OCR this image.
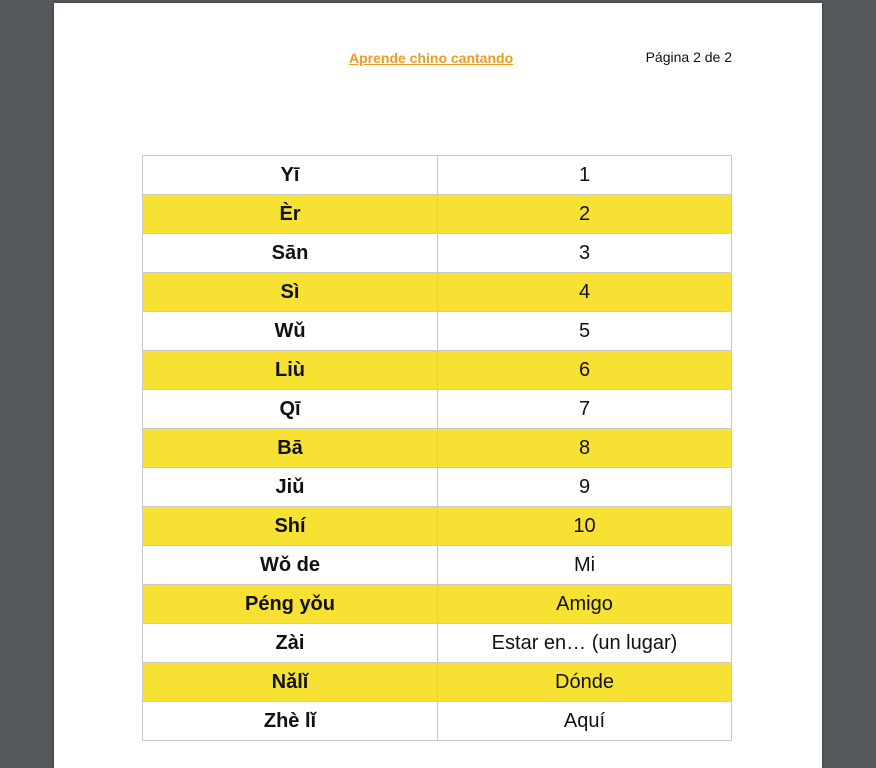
Aprende chino cantando	Página 2 de 2
Yī	1
Èr	2
Sān	3
Sì	4
Wǔ	5
Liù	6
Qī	7
Bā	8
Jiǔ	9
Shí	10
Wǒ de	Mi
Péng yǒu	Amigo
Zài	Estar en… (un lugar)
Nǎlǐ	Dónde
Zhè lǐ	Aquí
